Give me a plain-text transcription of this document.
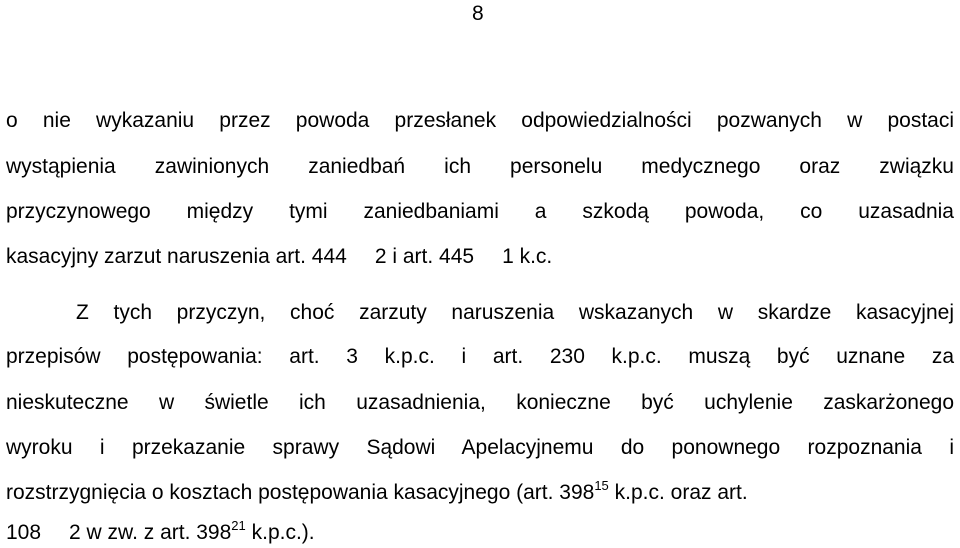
8
o nie wykazaniu przez powoda przesłanek odpowiedzialności pozwanych w postaci
wystąpienia zawinionych zaniedbań ich personelu medycznego oraz związku
przyczynowego między tymi zaniedbaniami a szkodą powoda, co uzasadnia
kasacyjny zarzut naruszenia art. 444 2 i art. 445 1 k.c.
Z tych przyczyn, choć zarzuty naruszenia wskazanych w skardze kasacyjnej
przepisów postępowania: art. 3 k.p.c. i art. 230 k.p.c. muszą być uznane za
nieskuteczne w świetle ich uzasadnienia, konieczne być uchylenie zaskarżonego
wyroku i przekazanie sprawy Sądowi Apelacyjnemu do ponownego rozpoznania i
rozstrzygnięcia o kosztach postępowania kasacyjnego (art. $398^{15}$ k.p.c. oraz art.
108 2 w zw. z art. $398^{21}$ k.p.c.).
